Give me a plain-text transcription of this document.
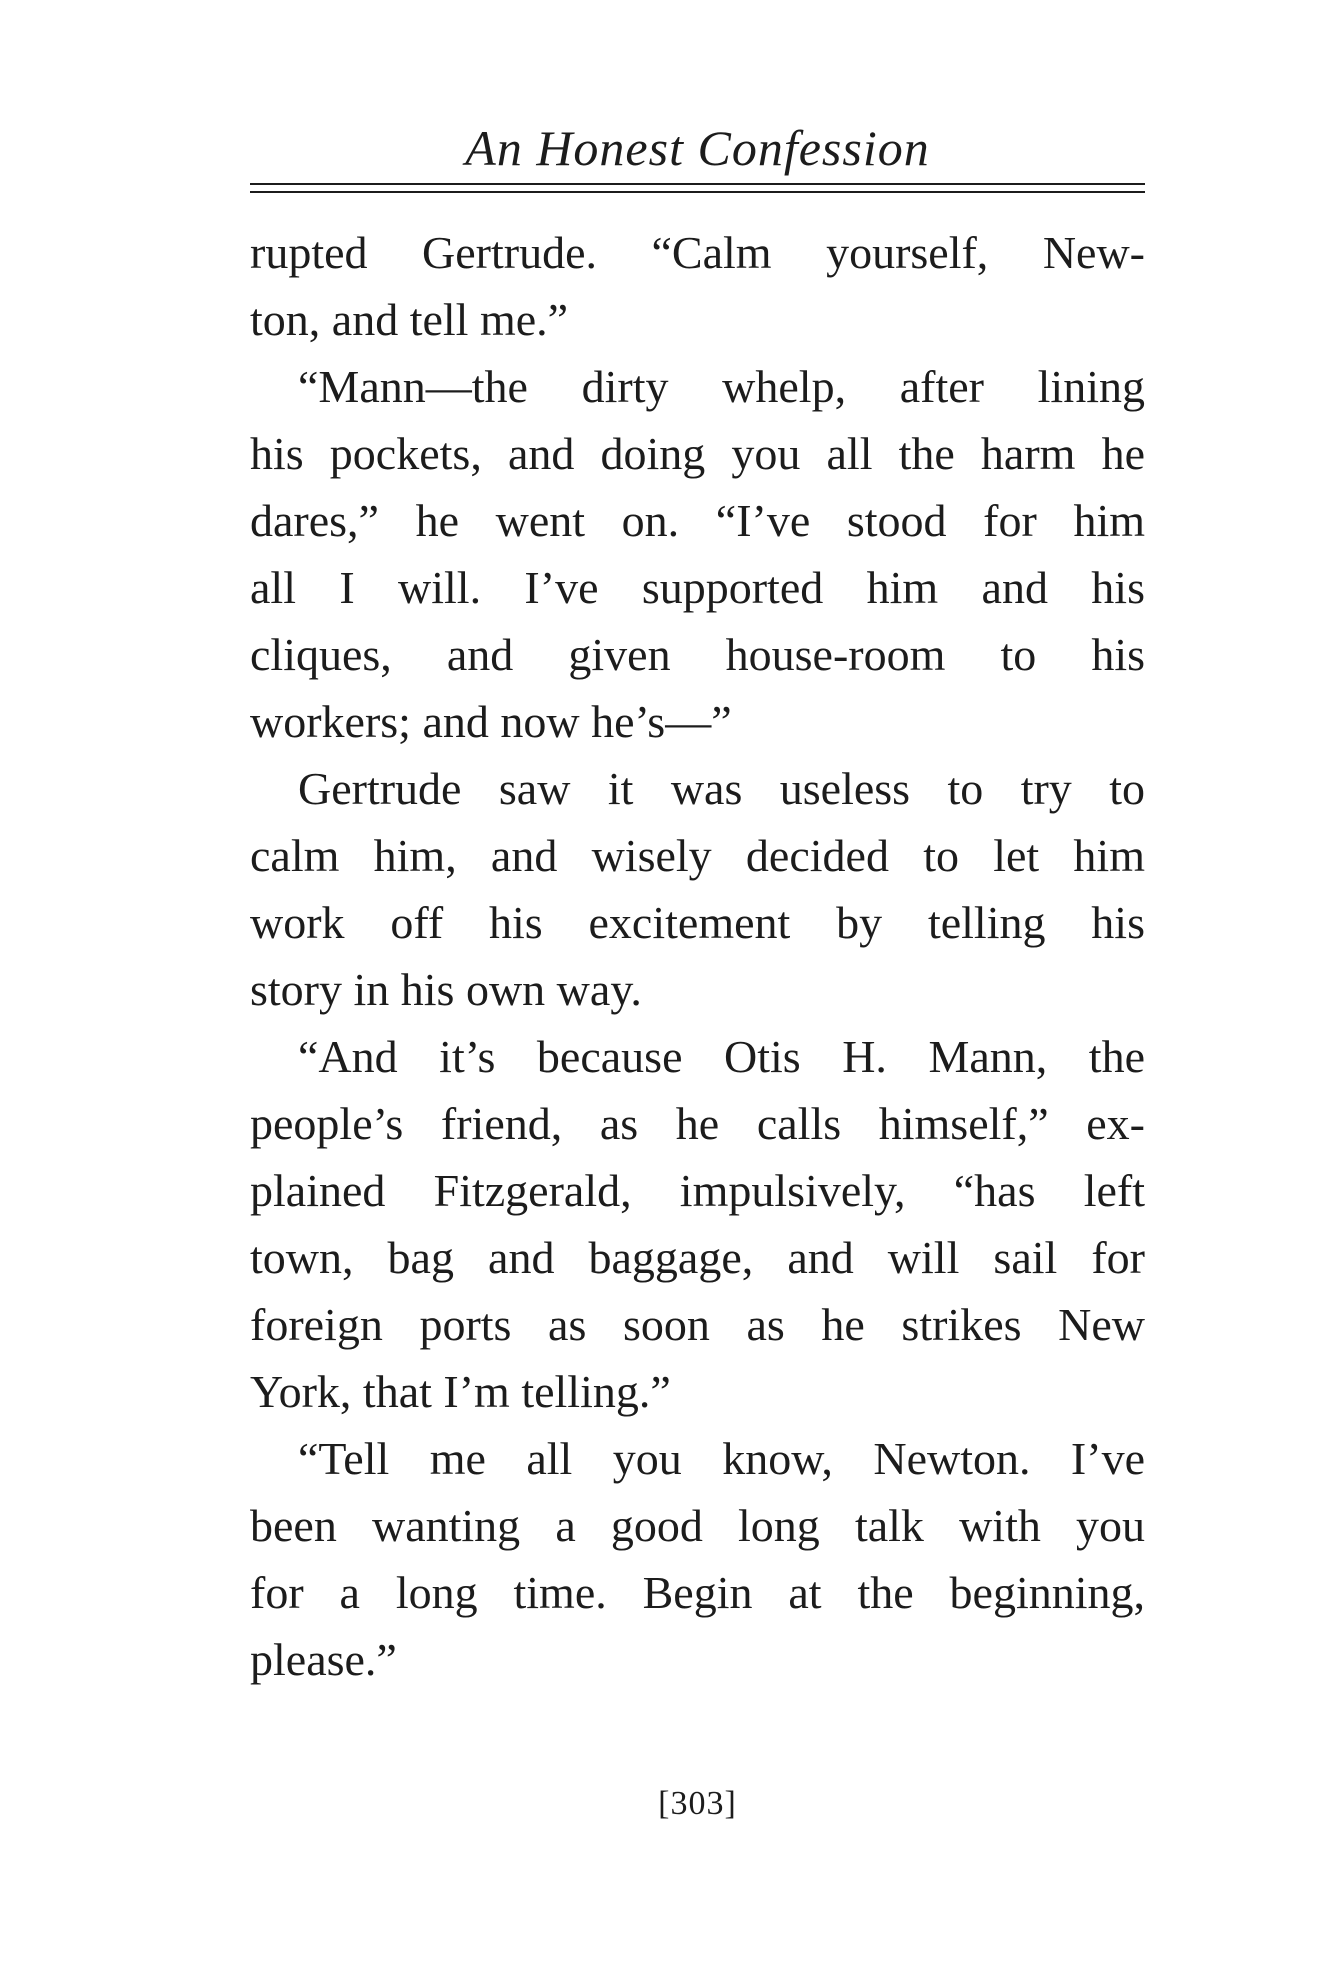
An Honest Confession
rupted Gertrude. “Calm yourself, New-
ton, and tell me.”
“Mann—the dirty whelp, after lining
his pockets, and doing you all the harm he
dares,” he went on. “I’ve stood for him
all I will. I’ve supported him and his
cliques, and given house-room to his
workers; and now he’s—”
Gertrude saw it was useless to try to
calm him, and wisely decided to let him
work off his excitement by telling his
story in his own way.
“And it’s because Otis H. Mann, the
people’s friend, as he calls himself,” ex-
plained Fitzgerald, impulsively, “has left
town, bag and baggage, and will sail for
foreign ports as soon as he strikes New
York, that I’m telling.”
“Tell me all you know, Newton. I’ve
been wanting a good long talk with you
for a long time. Begin at the beginning,
please.”
[303]
